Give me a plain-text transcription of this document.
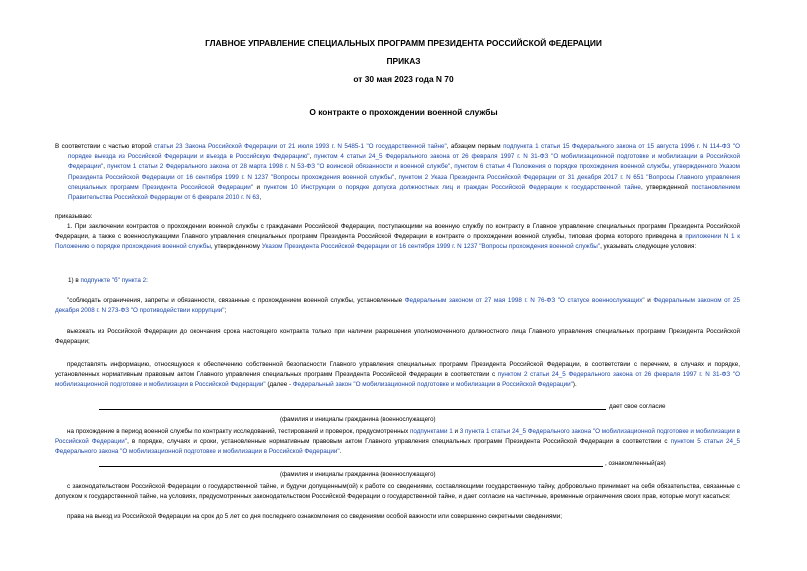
ГЛАВНОЕ УПРАВЛЕНИЕ СПЕЦИАЛЬНЫХ ПРОГРАММ ПРЕЗИДЕНТА РОССИЙСКОЙ ФЕДЕРАЦИИ
ПРИКАЗ
от 30 мая 2023 года N 70
О контракте о прохождении военной службы

В соответствии с частью второй статьи 23 Закона Российской Федерации от 21 июля 1993 г. N 5485-1 "О государственной тайне", абзацем первым подпункта 1 статьи 15 Федерального закона от 15 августа 1996 г. N 114-ФЗ "О порядке выезда из Российской Федерации и въезда в Российскую Федерацию", пунктом 4 статьи 24_5 Федерального закона от 26 февраля 1997 г. N 31-ФЗ "О мобилизационной подготовке и мобилизации в Российской Федерации", пунктом 1 статьи 2 Федерального закона от 28 марта 1998 г. N 53-ФЗ "О воинской обязанности и военной службе", пунктом 6 статьи 4 Положения о порядке прохождения военной службы, утвержденного Указом Президента Российской Федерации от 16 сентября 1999 г. N 1237 "Вопросы прохождения военной службы", пунктом 2 Указа Президента Российской Федерации от 31 декабря 2017 г. N 651 "Вопросы Главного управления специальных программ Президента Российской Федерации" и пунктом 10 Инструкции о порядке допуска должностных лиц и граждан Российской Федерации к государственной тайне, утвержденной постановлением Правительства Российской Федерации от 6 февраля 2010 г. N 63,

приказываю:

1. При заключении контрактов о прохождении военной службы с гражданами Российской Федерации, поступающими на военную службу по контракту в Главное управление специальных программ Президента Российской Федерации, а также с военнослужащими Главного управления специальных программ Президента Российской Федерации в контракте о прохождении военной службы, типовая форма которого приведена в приложении N 1 к Положению о порядке прохождения военной службы, утвержденному Указом Президента Российской Федерации от 16 сентября 1999 г. N 1237 "Вопросы прохождения военной службы", указывать следующие условия:

1) в подпункте "б" пункта 2:

"соблюдать ограничения, запреты и обязанности, связанные с прохождением военной службы, установленные Федеральным законом от 27 мая 1998 г. N 76-ФЗ "О статусе военнослужащих" и Федеральным законом от 25 декабря 2008 г. N 273-ФЗ "О противодействии коррупции";

выезжать из Российской Федерации до окончания срока настоящего контракта только при наличии разрешения уполномоченного должностного лица Главного управления специальных программ Президента Российской Федерации;

представлять информацию, относящуюся к обеспечению собственной безопасности Главного управления специальных программ Президента Российской Федерации, в соответствии с перечнем, в случаях и порядке, установленных нормативным правовым актом Главного управления специальных программ Президента Российской Федерации в соответствии с пунктом 2 статьи 24_5 Федерального закона от 26 февраля 1997 г. N 31-ФЗ "О мобилизационной подготовке и мобилизации в Российской Федерации" (далее - Федеральный закон "О мобилизационной подготовке и мобилизации в Российской Федерации").

дает свое согласие
(фамилия и инициалы гражданина (военнослужащего)

на прохождение в период военной службы по контракту исследований, тестирований и проверок, предусмотренных подпунктами 1 и 3 пункта 1 статьи 24_5 Федерального закона "О мобилизационной подготовке и мобилизации в Российской Федерации", в порядке, случаях и сроки, установленные нормативным правовым актом Главного управления специальных программ Президента Российской Федерации в соответствии с пунктом 5 статьи 24_5 Федерального закона "О мобилизационной подготовке и мобилизации в Российской Федерации".

, ознакомленный(ая)
(фамилия и инициалы гражданина (военнослужащего)

с законодательством Российской Федерации о государственной тайне, и будучи допущенным(ой) к работе со сведениями, составляющими государственную тайну, добровольно принимает на себя обязательства, связанные с допуском к государственной тайне, на условиях, предусмотренных законодательством Российской Федерации о государственной тайне, и дает согласие на частичные, временные ограничения своих прав, которые могут касаться:

права на выезд из Российской Федерации на срок до 5 лет со дня последнего ознакомления со сведениями особой важности или совершенно секретными сведениями;
